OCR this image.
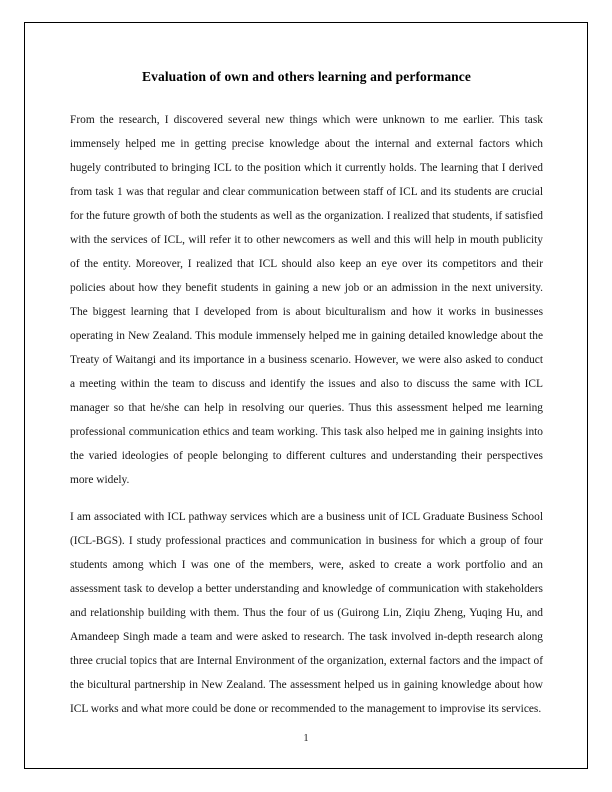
Evaluation of own and others learning and performance

From the research, I discovered several new things which were unknown to me earlier. This task immensely helped me in getting precise knowledge about the internal and external factors which hugely contributed to bringing ICL to the position which it currently holds. The learning that I derived from task 1 was that regular and clear communication between staff of ICL and its students are crucial for the future growth of both the students as well as the organization. I realized that students, if satisfied with the services of ICL, will refer it to other newcomers as well and this will help in mouth publicity of the entity. Moreover, I realized that ICL should also keep an eye over its competitors and their policies about how they benefit students in gaining a new job or an admission in the next university. The biggest learning that I developed from is about biculturalism and how it works in businesses operating in New Zealand. This module immensely helped me in gaining detailed knowledge about the Treaty of Waitangi and its importance in a business scenario. However, we were also asked to conduct a meeting within the team to discuss and identify the issues and also to discuss the same with ICL manager so that he/she can help in resolving our queries. Thus this assessment helped me learning professional communication ethics and team working. This task also helped me in gaining insights into the varied ideologies of people belonging to different cultures and understanding their perspectives more widely.

I am associated with ICL pathway services which are a business unit of ICL Graduate Business School (ICL-BGS). I study professional practices and communication in business for which a group of four students among which I was one of the members, were, asked to create a work portfolio and an assessment task to develop a better understanding and knowledge of communication with stakeholders and relationship building with them. Thus the four of us (Guirong Lin, Ziqiu Zheng, Yuqing Hu, and Amandeep Singh made a team and were asked to research. The task involved in-depth research along three crucial topics that are Internal Environment of the organization, external factors and the impact of the bicultural partnership in New Zealand. The assessment helped us in gaining knowledge about how ICL works and what more could be done or recommended to the management to improvise its services.

1
